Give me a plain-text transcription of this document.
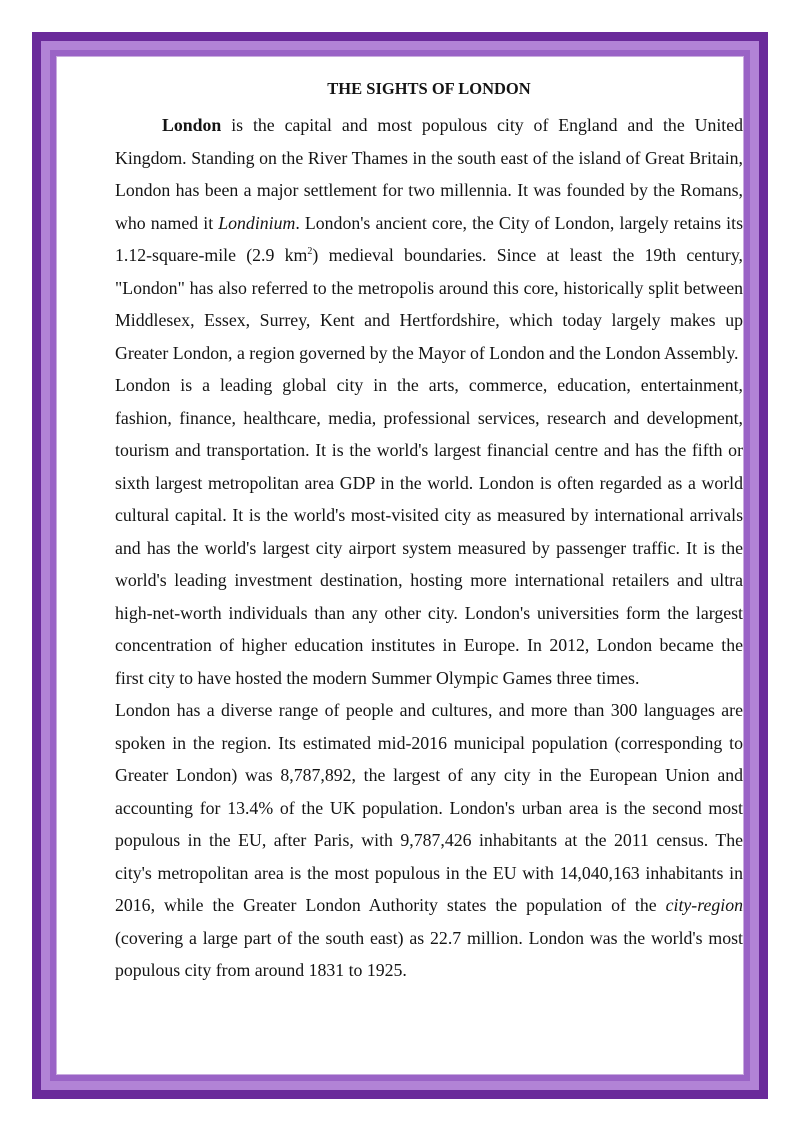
THE SIGHTS OF LONDON

London is the capital and most populous city of England and the United Kingdom. Standing on the River Thames in the south east of the island of Great Britain, London has been a major settlement for two millennia. It was founded by the Romans, who named it Londinium. London's ancient core, the City of London, largely retains its 1.12-square-mile (2.9 $km^2$) medieval boundaries. Since at least the 19th century, "London" has also referred to the metropolis around this core, historically split between Middlesex, Essex, Surrey, Kent and Hertfordshire, which today largely makes up Greater London, a region governed by the Mayor of London and the London Assembly.

London is a leading global city in the arts, commerce, education, entertainment, fashion, finance, healthcare, media, professional services, research and development, tourism and transportation. It is the world's largest financial centre and has the fifth or sixth largest metropolitan area GDP in the world. London is often regarded as a world cultural capital. It is the world's most-visited city as measured by international arrivals and has the world's largest city airport system measured by passenger traffic. It is the world's leading investment destination, hosting more international retailers and ultra high-net-worth individuals than any other city. London's universities form the largest concentration of higher education institutes in Europe. In 2012, London became the first city to have hosted the modern Summer Olympic Games three times.

London has a diverse range of people and cultures, and more than 300 languages are spoken in the region. Its estimated mid-2016 municipal population (corresponding to Greater London) was 8,787,892, the largest of any city in the European Union and accounting for 13.4% of the UK population. London's urban area is the second most populous in the EU, after Paris, with 9,787,426 inhabitants at the 2011 census. The city's metropolitan area is the most populous in the EU with 14,040,163 inhabitants in 2016, while the Greater London Authority states the population of the city-region (covering a large part of the south east) as 22.7 million. London was the world's most populous city from around 1831 to 1925.
